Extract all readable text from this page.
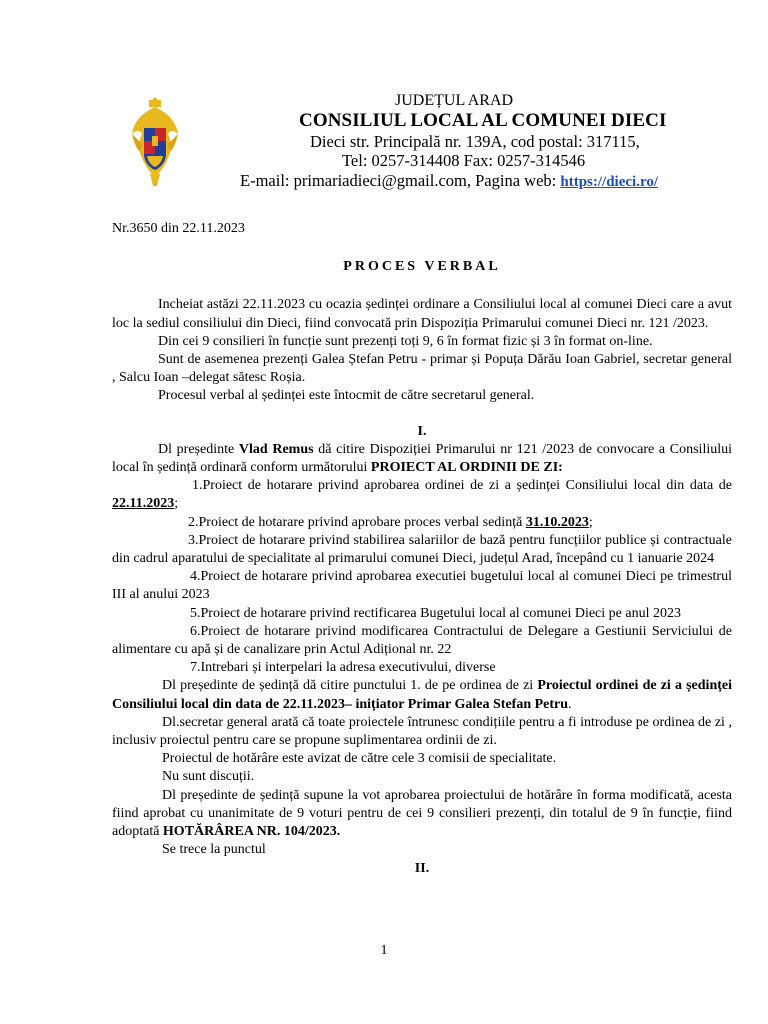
JUDEȚUL ARAD
CONSILIUL LOCAL AL COMUNEI DIECI
Dieci str. Principală nr. 139A, cod postal: 317115,
Tel: 0257-314408 Fax: 0257-314546
E-mail: primariadieci@gmail.com, Pagina web: https://dieci.ro/

Nr.3650 din 22.11.2023

PROCES VERBAL

Incheiat astăzi 22.11.2023 cu ocazia ședinței ordinare a Consiliului local al comunei Dieci care a avut loc la sediul consiliului din Dieci, fiind convocată prin Dispoziția Primarului comunei Dieci nr. 121 /2023.

Din cei 9 consilieri în funcție sunt prezenți toți 9, 6 în format fizic și 3 în format on-line.

Sunt de asemenea prezenți Galea Ștefan Petru - primar și Popuța Dărău Ioan Gabriel, secretar general , Salcu Ioan –delegat sătesc Roșia.

Procesul verbal al ședinței este întocmit de către secretarul general.

I.

Dl președinte Vlad Remus dă citire Dispoziției Primarului nr 121 /2023 de convocare a Consiliului local în ședință ordinară conform următorului PROIECT AL ORDINII DE ZI:

1.Proiect de hotarare privind aprobarea ordinei de zi a ședinței Consiliului local din data de 22.11.2023;

2.Proiect de hotarare privind aprobare proces verbal sedință 31.10.2023;

3.Proiect de hotarare privind stabilirea salariilor de bază pentru funcțiilor publice și contractuale din cadrul aparatului de specialitate al primarului comunei Dieci, județul Arad, începând cu 1 ianuarie 2024

4.Proiect de hotarare privind aprobarea executiei bugetului local al comunei Dieci pe trimestrul III al anului 2023

5.Proiect de hotarare privind rectificarea Bugetului local al comunei Dieci pe anul 2023

6.Proiect de hotarare privind modificarea Contractului de Delegare a Gestiunii Serviciului de alimentare cu apă și de canalizare prin Actul Adițional nr. 22

7.Intrebari și interpelari la adresa executivului, diverse

Dl președinte de ședință dă citire punctului 1. de pe ordinea de zi Proiectul ordinei de zi a ședinței Consiliului local din data de 22.11.2023– inițiator Primar Galea Stefan Petru.

Dl.secretar general arată că toate proiectele întrunesc condițiile pentru a fi introduse pe ordinea de zi , inclusiv proiectul pentru care se propune suplimentarea ordinii de zi.

Proiectul de hotărâre este avizat de către cele 3 comisii de specialitate.

Nu sunt discuții.

Dl președinte de ședință supune la vot aprobarea proiectului de hotărâre în forma modificată, acesta fiind aprobat cu unanimitate de 9 voturi pentru de cei 9 consilieri prezenți, din totalul de 9 în funcție, fiind adoptată HOTĂRÂREA NR. 104/2023.

Se trece la punctul

II.

1
